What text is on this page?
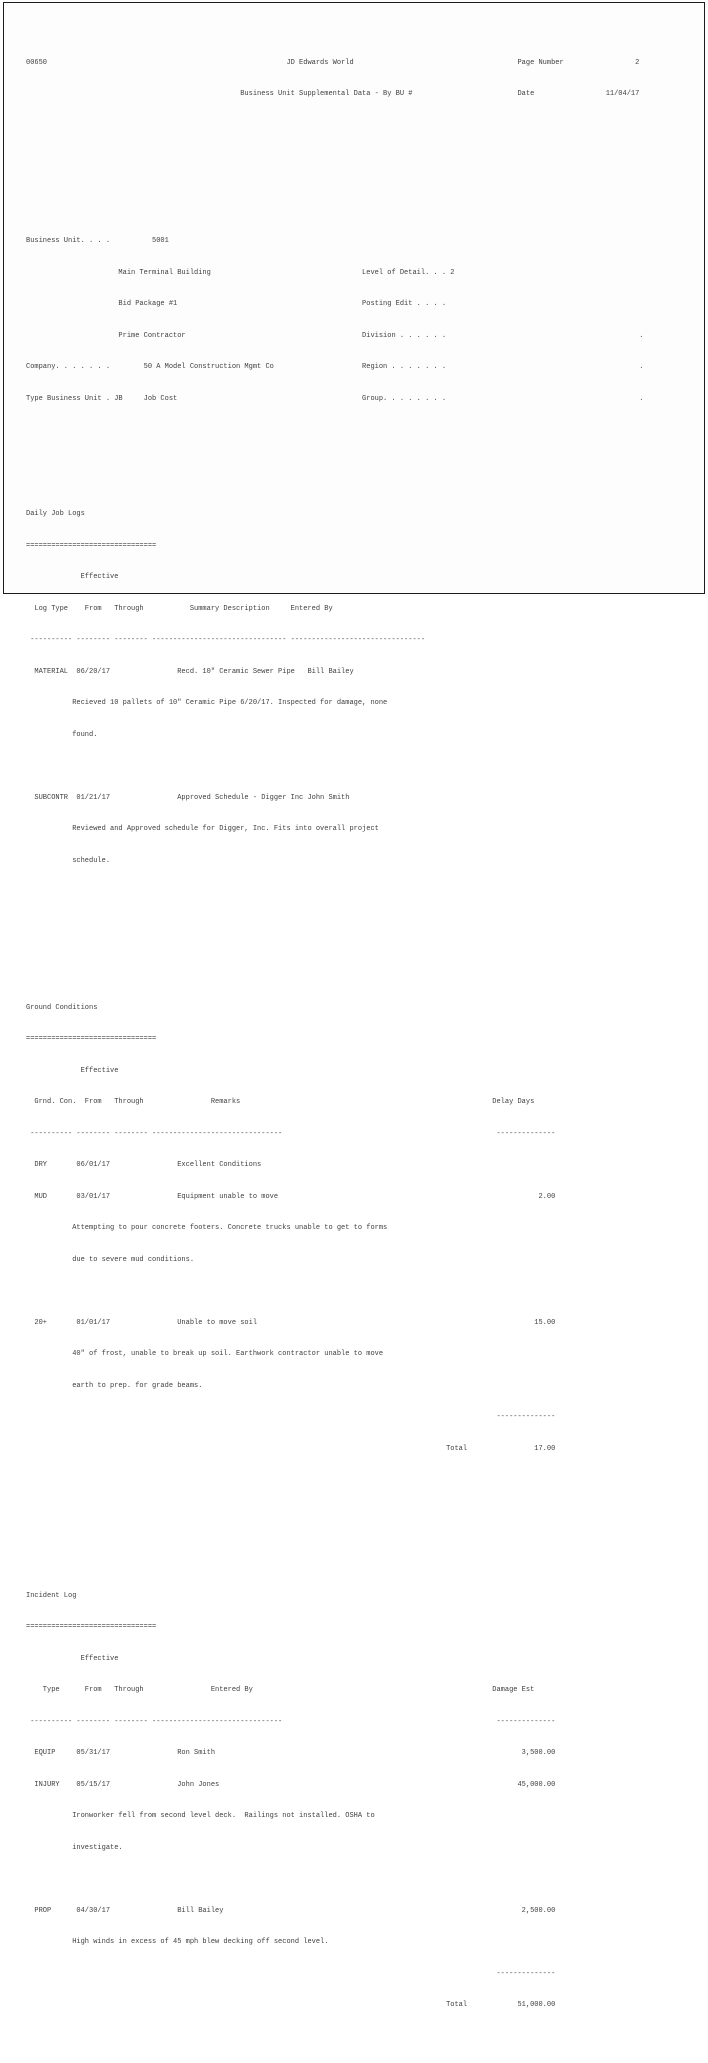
00650                                                         JD Edwards World                                       Page Number                 2

Business Unit Supplemental Data - By BU #                         Date                 11/04/17

Business Unit. . . .          5001

Main Terminal Building                                    Level of Detail. . . 2

Bid Package #1                                            Posting Edit . . . .

Prime Contractor                                          Division . . . . . .                                              .

Company. . . . . . .        50 A Model Construction Mgmt Co                     Region . . . . . . .                                              .

Type Business Unit . JB     Job Cost                                            Group. . . . . . . .                                              .

Daily Job Logs

===============================

Effective

Log Type    From   Through           Summary Description     Entered By

---------- -------- -------- -------------------------------- --------------------------------

MATERIAL  06/20/17                Recd. 10" Ceramic Sewer Pipe   Bill Bailey

Recieved 10 pallets of 10" Ceramic Pipe 6/20/17. Inspected for damage, none

found.

SUBCONTR  01/21/17                Approved Schedule - Digger Inc John Smith

Reviewed and Approved schedule for Digger, Inc. Fits into overall project

schedule.

Ground Conditions

===============================

Effective

Grnd. Con.  From   Through                Remarks                                                            Delay Days

---------- -------- -------- -------------------------------                                                   --------------

DRY       06/01/17                Excellent Conditions

MUD       03/01/17                Equipment unable to move                                                              2.00

Attempting to pour concrete footers. Concrete trucks unable to get to forms

due to severe mud conditions.

20+       01/01/17                Unable to move soil                                                                  15.00

40" of frost, unable to break up soil. Earthwork contractor unable to move

earth to prep. for grade beams.

--------------

Total                17.00

Incident Log

===============================

Effective

Type      From   Through                Entered By                                                         Damage Est

---------- -------- -------- -------------------------------                                                   --------------

EQUIP     05/31/17                Ron Smith                                                                         3,500.00

INJURY    05/15/17                John Jones                                                                       45,000.00

Ironworker fell from second level deck.  Railings not installed. OSHA to

investigate.

PROP      04/30/17                Bill Bailey                                                                       2,500.00

High winds in excess of 45 mph blew decking off second level.

--------------

Total            51,000.00
